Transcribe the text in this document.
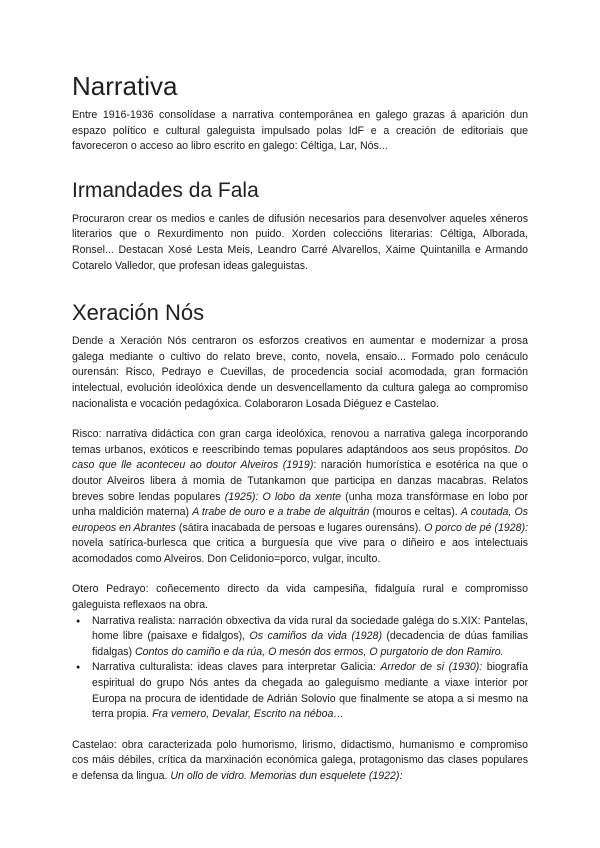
Narrativa

Entre 1916-1936 consolídase a narrativa contemporánea en galego grazas á aparición dun espazo político e cultural galeguista impulsado polas IdF e a creación de editoriais que favoreceron o acceso ao libro escrito en galego: Céltiga, Lar, Nós...

Irmandades da Fala

Procuraron crear os medios e canles de difusión necesarios para desenvolver aqueles xéneros literarios que o Rexurdimento non puido. Xorden coleccións literarias: Céltiga, Alborada, Ronsel... Destacan Xosé Lesta Meis, Leandro Carré Alvarellos, Xaime Quintanilla e Armando Cotarelo Valledor, que profesan ideas galeguistas.

Xeración Nós

Dende a Xeración Nós centraron os esforzos creativos en aumentar e modernizar a prosa galega mediante o cultivo do relato breve, conto, novela, ensaio... Formado polo cenáculo ourensán: Risco, Pedrayo e Cuevillas, de procedencia social acomodada, gran formación intelectual, evolución ideolóxica dende un desvencellamento da cultura galega ao compromiso nacionalista e vocación pedagóxica. Colaboraron Losada Diéguez e Castelao.

Risco: narrativa didáctica con gran carga ideolóxica, renovou a narrativa galega incorporando temas urbanos, exóticos e reescribindo temas populares adaptándoos aos seus propósitos. Do caso que lle aconteceu ao doutor Alveiros (1919): naración humorística e esotérica na que o doutor Alveiros libera á momia de Tutankamon que participa en danzas macabras. Relatos breves sobre lendas populares (1925): O lobo da xente (unha moza transfórmase en lobo por unha maldición materna) A trabe de ouro e a trabe de alquitrán (mouros e celtas). A coutada, Os europeos en Abrantes (sátira inacabada de persoas e lugares ourensáns). O porco de pé (1928): novela satírica-burlesca que critica a burguesía que vive para o diñeiro e aos intelectuais acomodados como Alveiros. Don Celidonio=porco, vulgar, inculto.

Otero Pedrayo: coñecemento directo da vida campesiña, fidalguía rural e compromisso galeguista reflexaos na obra.

● Narrativa realista: narración obxectiva da vida rural da sociedade galéga do s.XIX: Pantelas, home libre (paisaxe e fidalgos), Os camiños da vida (1928) (decadencia de dúas familias fidalgas) Contos do camiño e da rúa, O mesón dos ermos, O purgatorio de don Ramiro.
● Narrativa culturalista: ideas claves para interpretar Galicia: Arredor de si (1930): biografía espiritual do grupo Nós antes da chegada ao galeguismo mediante a viaxe interior por Europa na procura de identidade de Adrián Solovio que finalmente se atopa a si mesmo na terra propia. Fra vemero, Devalar, Escrito na néboa…

Castelao: obra caracterizada polo humorismo, lirismo, didactismo, humanismo e compromiso cos máis débiles, crítica da marxinación económica galega, protagonismo das clases populares e defensa da lingua. Un ollo de vidro. Memorias dun esquelete (1922):
